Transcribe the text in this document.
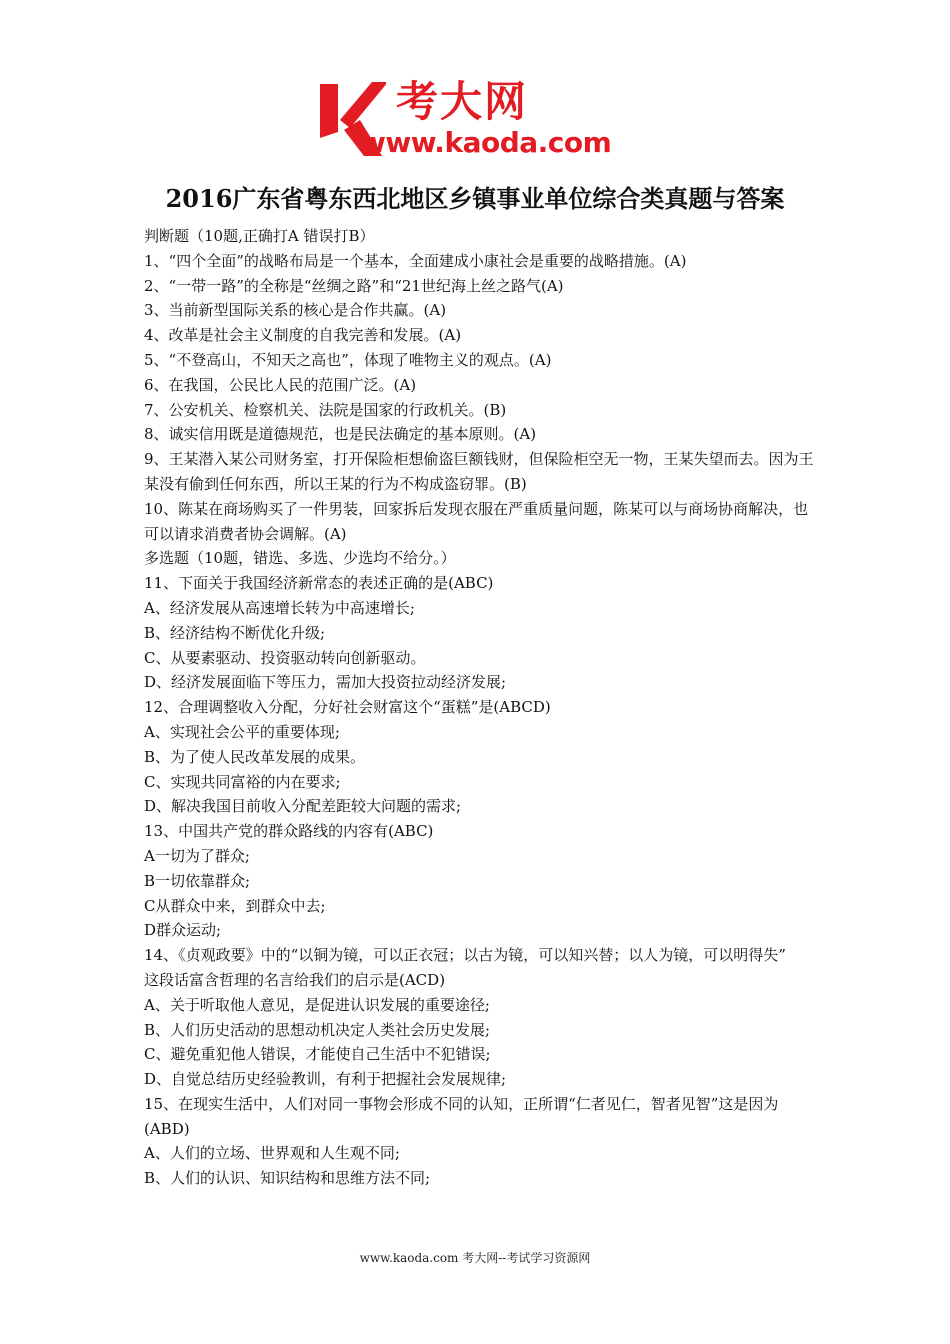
考大网
www.kaoda.com
2016广东省粤东西北地区乡镇事业单位综合类真题与答案
判断题（10题,正确打A 错误打B）
1、“四个全面”的战略布局是一个基本，全面建成小康社会是重要的战略措施。(A)
2、“一带一路”的全称是“丝绸之路”和“21世纪海上丝之路气(A)
3、当前新型国际关系的核心是合作共赢。(A)
4、改革是社会主义制度的自我完善和发展。(A)
5、“不登高山，不知天之高也”，体现了唯物主义的观点。(A)
6、在我国，公民比人民的范围广泛。(A)
7、公安机关、检察机关、法院是国家的行政机关。(B)
8、诚实信用既是道德规范，也是民法确定的基本原则。(A)
9、王某潜入某公司财务室，打开保险柜想偷盗巨额钱财，但保险柜空无一物，王某失望而去。因为王某没有偷到任何东西，所以王某的行为不构成盗窃罪。(B)
10、陈某在商场购买了一件男装，回家拆后发现衣服在严重质量问题，陈某可以与商场协商解决，也可以请求消费者协会调解。(A)
多选题（10题，错选、多选、少选均不给分。）
11、下面关于我国经济新常态的表述正确的是(ABC)
A、经济发展从高速增长转为中高速增长;
B、经济结构不断优化升级;
C、从要素驱动、投资驱动转向创新驱动。
D、经济发展面临下等压力，需加大投资拉动经济发展;
12、合理调整收入分配，分好社会财富这个“蛋糕”是(ABCD)
A、实现社会公平的重要体现;
B、为了使人民改革发展的成果。
C、实现共同富裕的内在要求;
D、解决我国目前收入分配差距较大问题的需求;
13、中国共产党的群众路线的内容有(ABC)
A一切为了群众;
B一切依靠群众;
C从群众中来，到群众中去;
D群众运动;
14、《贞观政要》中的“以铜为镜，可以正衣冠；以古为镜，可以知兴替；以人为镜，可以明得失”
这段话富含哲理的名言给我们的启示是(ACD)
A、关于听取他人意见，是促进认识发展的重要途径;
B、人们历史活动的思想动机决定人类社会历史发展;
C、避免重犯他人错误，才能使自己生活中不犯错误;
D、自觉总结历史经验教训，有利于把握社会发展规律;
15、在现实生活中，人们对同一事物会形成不同的认知，正所谓“仁者见仁，智者见智”这是因为(ABD)
A、人们的立场、世界观和人生观不同;
B、人们的认识、知识结构和思维方法不同;
www.kaoda.com 考大网--考试学习资源网
